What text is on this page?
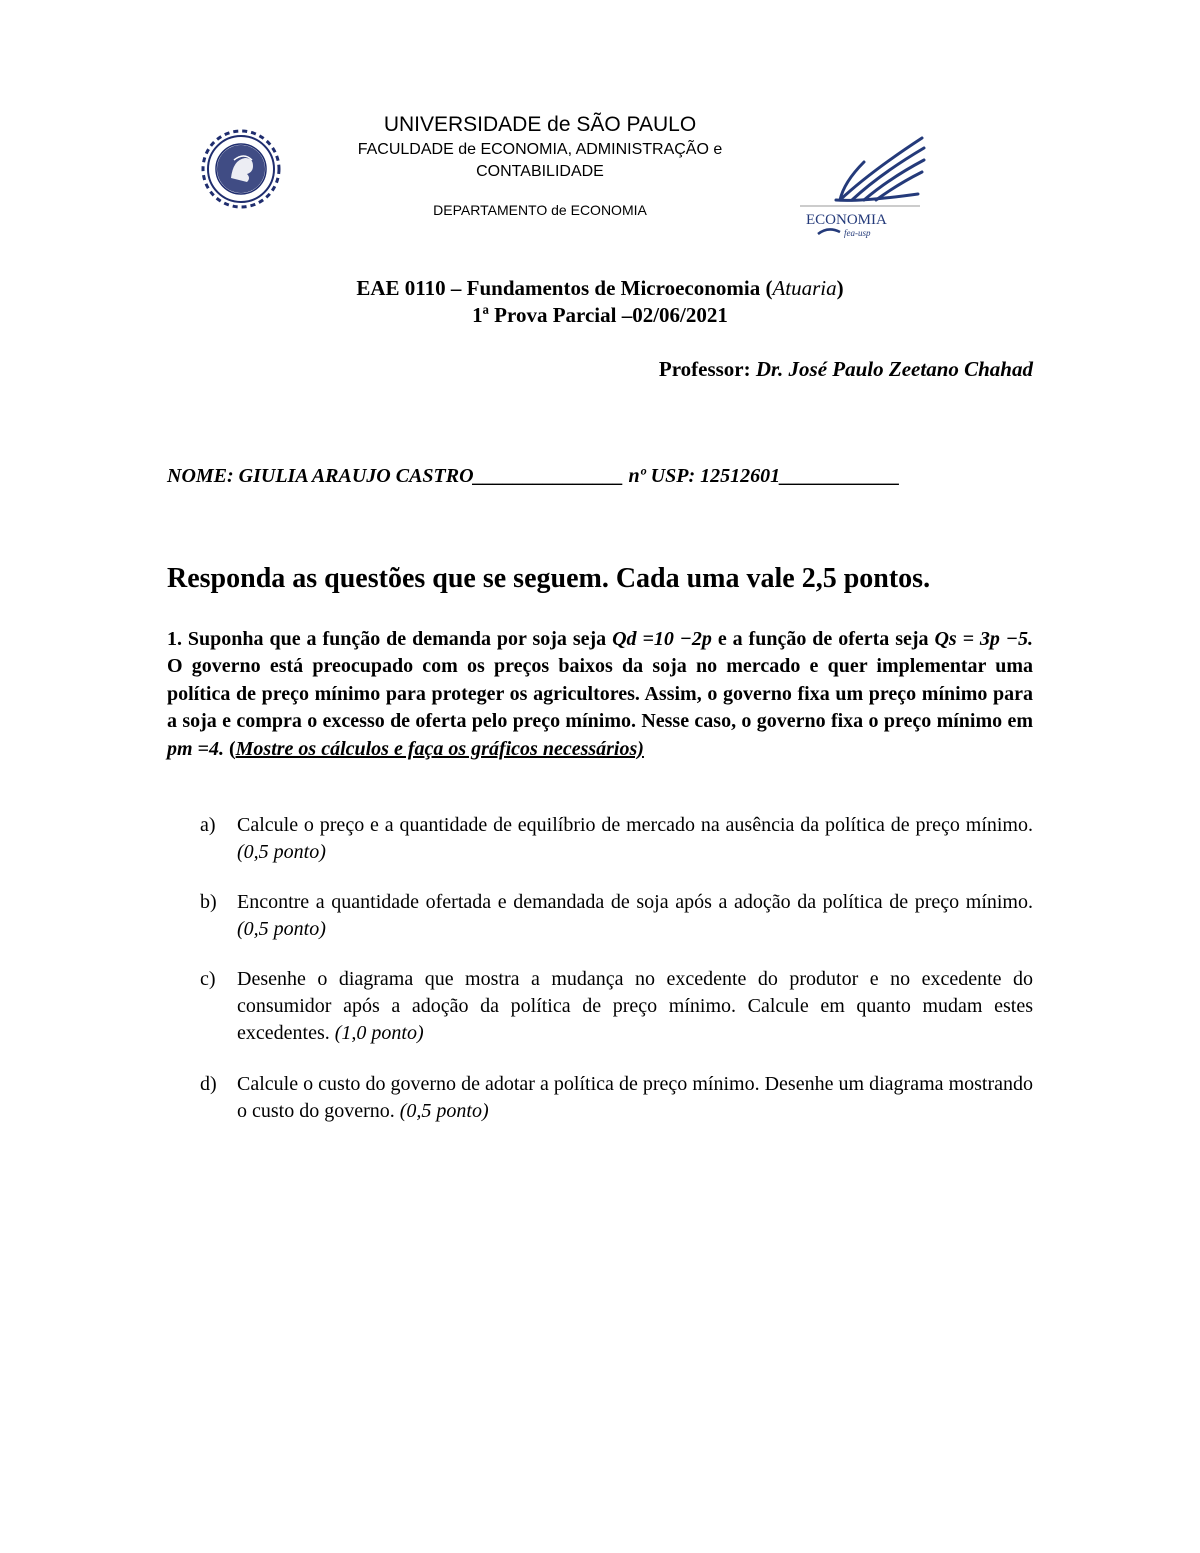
UNIVERSIDADE de SÃO PAULO
FACULDADE de ECONOMIA, ADMINISTRAÇÃO e
CONTABILIDADE
DEPARTAMENTO de ECONOMIA
ECONOMIA
fea-usp
EAE 0110 – Fundamentos de Microeconomia (Atuaria)
1ª Prova Parcial –02/06/2021
Professor: Dr. José Paulo Zeetano Chahad
NOME: GIULIA ARAUJO CASTRO_______________ nº USP: 12512601____________
Responda as questões que se seguem. Cada uma vale 2,5 pontos.
1. Suponha que a função de demanda por soja seja Qd =10 −2p e a função de oferta seja Qs = 3p −5. O governo está preocupado com os preços baixos da soja no mercado e quer implementar uma política de preço mínimo para proteger os agricultores. Assim, o governo fixa um preço mínimo para a soja e compra o excesso de oferta pelo preço mínimo. Nesse caso, o governo fixa o preço mínimo em pm =4. (Mostre os cálculos e faça os gráficos necessários)
a)	Calcule o preço e a quantidade de equilíbrio de mercado na ausência da política de preço mínimo. (0,5 ponto)
b)	Encontre a quantidade ofertada e demandada de soja após a adoção da política de preço mínimo. (0,5 ponto)
c)	Desenhe o diagrama que mostra a mudança no excedente do produtor e no excedente do consumidor após a adoção da política de preço mínimo. Calcule em quanto mudam estes excedentes. (1,0 ponto)
d)	Calcule o custo do governo de adotar a política de preço mínimo. Desenhe um diagrama mostrando o custo do governo. (0,5 ponto)
